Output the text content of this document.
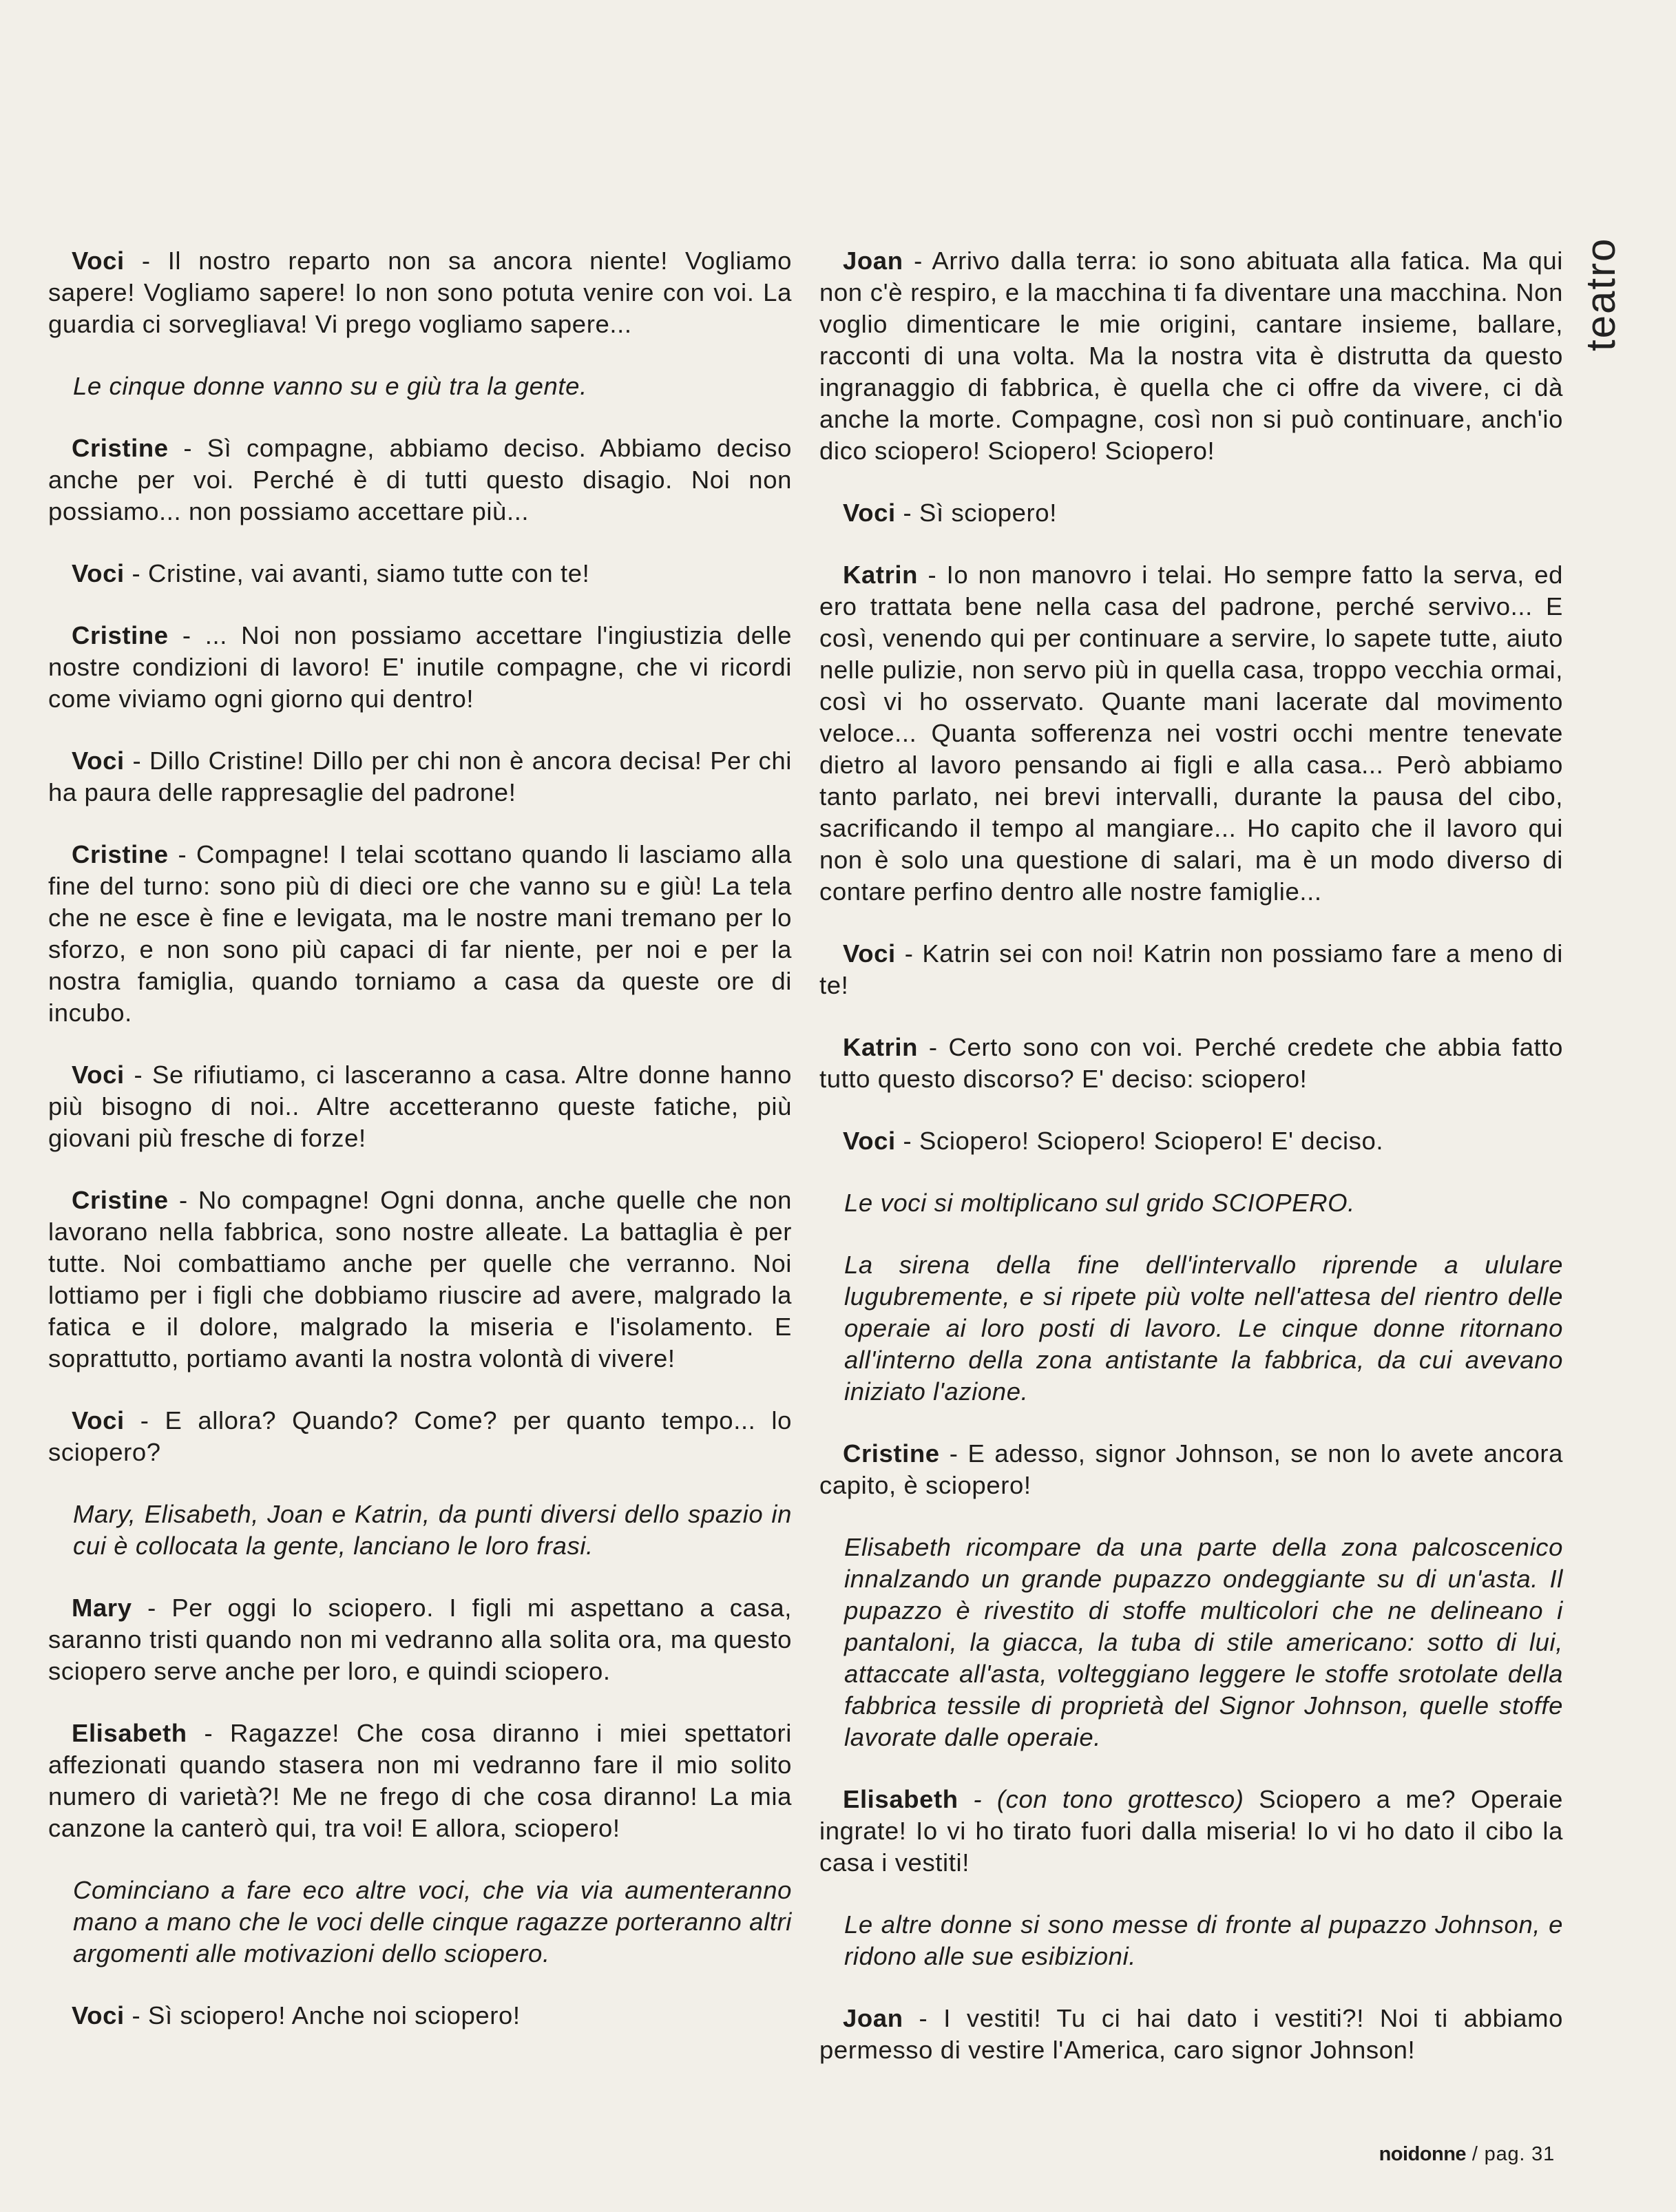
teatro

Voci - Il nostro reparto non sa ancora niente! Vogliamo sapere! Vogliamo sapere! Io non sono potuta venire con voi. La guardia ci sorvegliava! Vi prego vogliamo sapere...

Le cinque donne vanno su e giù tra la gente.

Cristine - Sì compagne, abbiamo deciso. Abbiamo deciso anche per voi. Perché è di tutti questo disagio. Noi non possiamo... non possiamo accettare più...

Voci - Cristine, vai avanti, siamo tutte con te!

Cristine - ... Noi non possiamo accettare l'ingiustizia delle nostre condizioni di lavoro! E' inutile compagne, che vi ricordi come viviamo ogni giorno qui dentro!

Voci - Dillo Cristine! Dillo per chi non è ancora decisa! Per chi ha paura delle rappresaglie del padrone!

Cristine - Compagne! I telai scottano quando li lasciamo alla fine del turno: sono più di dieci ore che vanno su e giù! La tela che ne esce è fine e levigata, ma le nostre mani tremano per lo sforzo, e non sono più capaci di far niente, per noi e per la nostra famiglia, quando torniamo a casa da queste ore di incubo.

Voci - Se rifiutiamo, ci lasceranno a casa. Altre donne hanno più bisogno di noi.. Altre accetteranno queste fatiche, più giovani più fresche di forze!

Cristine - No compagne! Ogni donna, anche quelle che non lavorano nella fabbrica, sono nostre alleate. La battaglia è per tutte. Noi combattiamo anche per quelle che verranno. Noi lottiamo per i figli che dobbiamo riuscire ad avere, malgrado la fatica e il dolore, malgrado la miseria e l'isolamento. E soprattutto, portiamo avanti la nostra volontà di vivere!

Voci - E allora? Quando? Come? per quanto tempo... lo sciopero?

Mary, Elisabeth, Joan e Katrin, da punti diversi dello spazio in cui è collocata la gente, lanciano le loro frasi.

Mary - Per oggi lo sciopero. I figli mi aspettano a casa, saranno tristi quando non mi vedranno alla solita ora, ma questo sciopero serve anche per loro, e quindi sciopero.

Elisabeth - Ragazze! Che cosa diranno i miei spettatori affezionati quando stasera non mi vedranno fare il mio solito numero di varietà?! Me ne frego di che cosa diranno! La mia canzone la canterò qui, tra voi! E allora, sciopero!

Cominciano a fare eco altre voci, che via via aumenteranno mano a mano che le voci delle cinque ragazze porteranno altri argomenti alle motivazioni dello sciopero.

Voci - Sì sciopero! Anche noi sciopero!

Joan - Arrivo dalla terra: io sono abituata alla fatica. Ma qui non c'è respiro, e la macchina ti fa diventare una macchina. Non voglio dimenticare le mie origini, cantare insieme, ballare, racconti di una volta. Ma la nostra vita è distrutta da questo ingranaggio di fabbrica, è quella che ci offre da vivere, ci dà anche la morte. Compagne, così non si può continuare, anch'io dico sciopero! Sciopero! Sciopero!

Voci - Sì sciopero!

Katrin - Io non manovro i telai. Ho sempre fatto la serva, ed ero trattata bene nella casa del padrone, perché servivo... E così, venendo qui per continuare a servire, lo sapete tutte, aiuto nelle pulizie, non servo più in quella casa, troppo vecchia ormai, così vi ho osservato. Quante mani lacerate dal movimento veloce... Quanta sofferenza nei vostri occhi mentre tenevate dietro al lavoro pensando ai figli e alla casa... Però abbiamo tanto parlato, nei brevi intervalli, durante la pausa del cibo, sacrificando il tempo al mangiare... Ho capito che il lavoro qui non è solo una questione di salari, ma è un modo diverso di contare perfino dentro alle nostre famiglie...

Voci - Katrin sei con noi! Katrin non possiamo fare a meno di te!

Katrin - Certo sono con voi. Perché credete che abbia fatto tutto questo discorso? E' deciso: sciopero!

Voci - Sciopero! Sciopero! Sciopero! E' deciso.

Le voci si moltiplicano sul grido SCIOPERO.

La sirena della fine dell'intervallo riprende a ululare lugubremente, e si ripete più volte nell'attesa del rientro delle operaie ai loro posti di lavoro. Le cinque donne ritornano all'interno della zona antistante la fabbrica, da cui avevano iniziato l'azione.

Cristine - E adesso, signor Johnson, se non lo avete ancora capito, è sciopero!

Elisabeth ricompare da una parte della zona palcoscenico innalzando un grande pupazzo ondeggiante su di un'asta. Il pupazzo è rivestito di stoffe multicolori che ne delineano i pantaloni, la giacca, la tuba di stile americano: sotto di lui, attaccate all'asta, volteggiano leggere le stoffe srotolate della fabbrica tessile di proprietà del Signor Johnson, quelle stoffe lavorate dalle operaie.

Elisabeth - (con tono grottesco) Sciopero a me? Operaie ingrate! Io vi ho tirato fuori dalla miseria! Io vi ho dato il cibo la casa i vestiti!

Le altre donne si sono messe di fronte al pupazzo Johnson, e ridono alle sue esibizioni.

Joan - I vestiti! Tu ci hai dato i vestiti?! Noi ti abbiamo permesso di vestire l'America, caro signor Johnson!

noidonne / pag. 31
